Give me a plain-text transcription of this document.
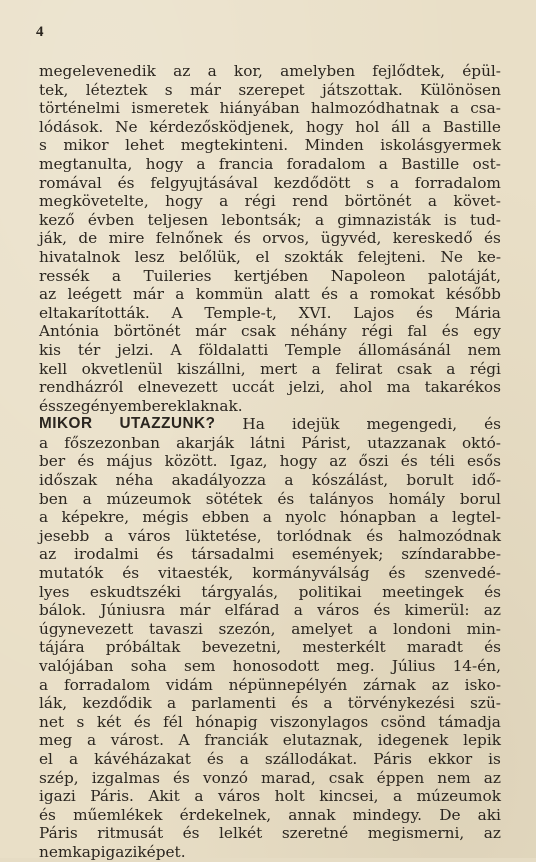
4
megelevenedik az a kor, amelyben fejlődtek, épül-
tek, léteztek s már szerepet játszottak. Különösen
történelmi ismeretek hiányában halmozódhatnak a csa-
lódások. Ne kérdezősködjenek, hogy hol áll a Bastille
s mikor lehet megtekinteni. Minden iskolásgyermek
megtanulta, hogy a francia foradalom a Bastille ost-
romával és felgyujtásával kezdődött s a forradalom
megkövetelte, hogy a régi rend börtönét a követ-
kező évben teljesen lebontsák; a gimnazisták is tud-
ják, de mire felnőnek és orvos, ügyvéd, kereskedő és
hivatalnok lesz belőlük, el szokták felejteni. Ne ke-
ressék a Tuileries kertjében Napoleon palotáját,
az leégett már a kommün alatt és a romokat később
eltakarították. A Temple-t, XVI. Lajos és Mária
Antónia börtönét már csak néhány régi fal és egy
kis tér jelzi. A földalatti Temple állomásánál nem
kell okvetlenül kiszállni, mert a felirat csak a régi
rendházról elnevezett uccát jelzi, ahol ma takarékos
és szegény emberek laknak.
MIKOR UTAZZUNK? Ha idejük megengedi, és
a főszezonban akarják látni Párist, utazzanak októ-
ber és május között. Igaz, hogy az őszi és téli esős
időszak néha akadályozza a kószálást, borult idő-
ben a múzeumok sötétek és talányos homály borul
a képekre, mégis ebben a nyolc hónapban a legtel-
jesebb a város lüktetése, torlódnak és halmozódnak
az irodalmi és társadalmi események; színdarabbe-
mutatók és vitaesték, kormányválság és szenvedé-
lyes eskudtszéki tárgyalás, politikai meetingek és
bálok. Júniusra már elfárad a város és kimerül: az
úgynevezett tavaszi szezón, amelyet a londoni min-
tájára próbáltak bevezetni, mesterkélt maradt és
valójában soha sem honosodott meg. Július 14-én,
a forradalom vidám népünnepélyén zárnak az isko-
lák, kezdődik a parlamenti és a törvénykezési szü-
net s két és fél hónapig viszonylagos csönd támadja
meg a várost. A franciák elutaznak, idegenek lepik
el a kávéházakat és a szállodákat. Páris ekkor is
szép, izgalmas és vonzó marad, csak éppen nem az
igazi Páris. Akit a város holt kincsei, a múzeumok
és műemlékek érdekelnek, annak mindegy. De aki
Páris ritmusát és lelkét szeretné megismerni, az
nem kap igazi képet.
